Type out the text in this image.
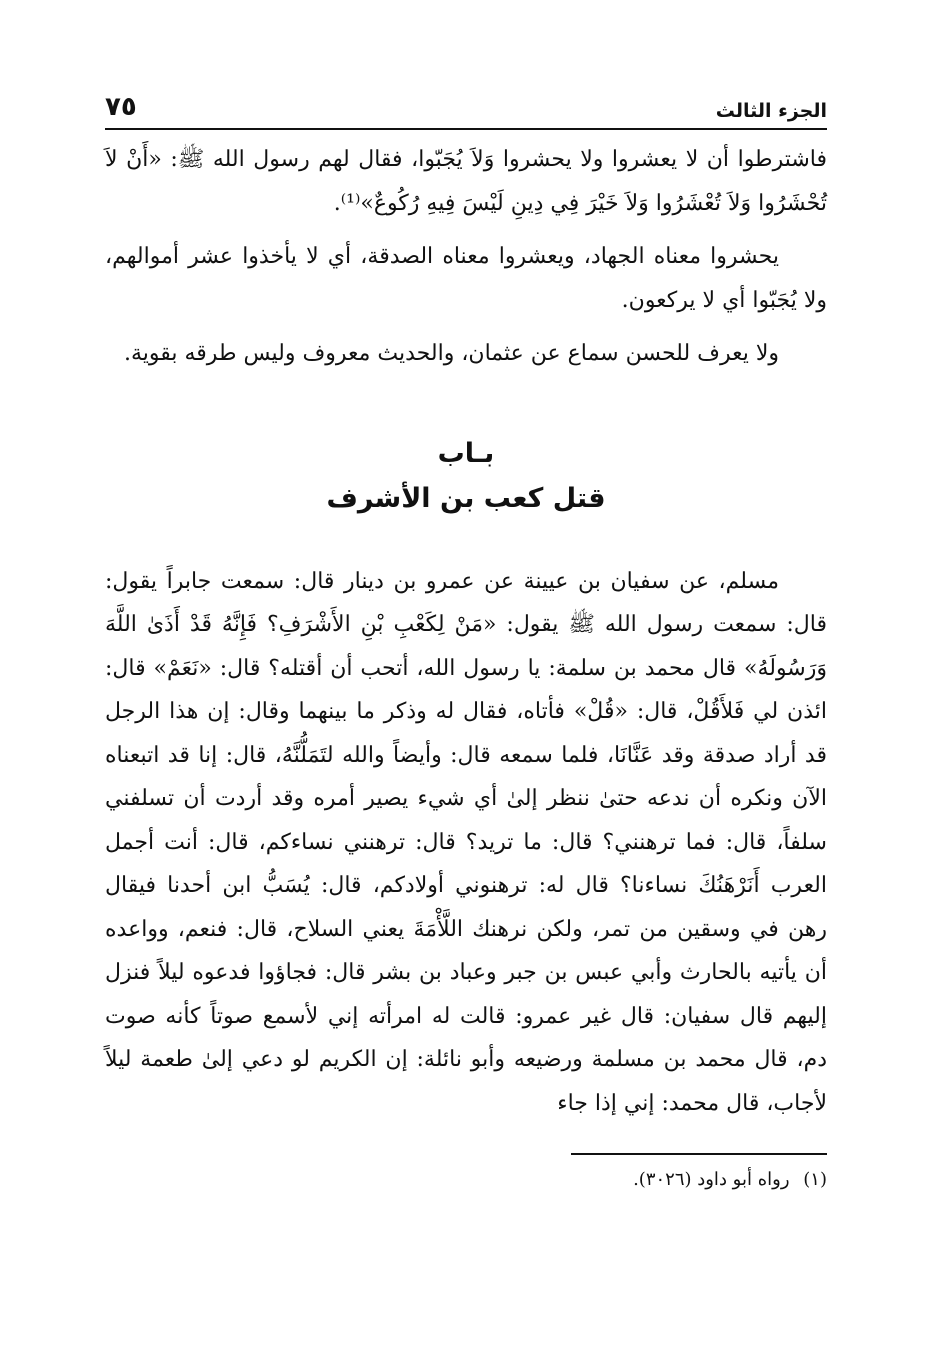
الجزء الثالث
٧٥

فاشترطوا أن لا يعشروا ولا يحشروا وَلاَ يُجَبّوا، فقال لهم رسول الله ﷺ: «أَنْ لاَ تُحْشَرُوا وَلاَ تُعْشَرُوا وَلاَ خَيْرَ فِي دِينِ لَيْسَ فِيهِ رُكُوعٌ»⁽¹⁾.

يحشروا معناه الجهاد، ويعشروا معناه الصدقة، أي لا يأخذوا عشر أموالهم، ولا يُجَبّوا أي لا يركعون.

ولا يعرف للحسن سماع عن عثمان، والحديث معروف وليس طرقه بقوية.

بـاب
قتل كعب بن الأشرف

مسلم، عن سفيان بن عيينة عن عمرو بن دينار قال: سمعت جابراً يقول: قال: سمعت رسول الله ﷺ يقول: «مَنْ لِكَعْبِ بْنِ الأَشْرَفِ؟ فَإِنَّهُ قَدْ أَذَىٰ اللَّهَ وَرَسُولَهُ» قال محمد بن سلمة: يا رسول الله، أتحب أن أقتله؟ قال: «نَعَمْ» قال: ائذن لي فَلأَقُلْ، قال: «قُلْ» فأتاه، فقال له وذكر ما بينهما وقال: إن هذا الرجل قد أراد صدقة وقد عَنَّانَا، فلما سمعه قال: وأيضاً والله لتَمَلُّنَّهُ، قال: إنا قد اتبعناه الآن ونكره أن ندعه حتىٰ ننظر إلىٰ أي شيء يصير أمره وقد أردت أن تسلفني سلفاً، قال: فما ترهنني؟ قال: ما تريد؟ قال: ترهنني نساءكم، قال: أنت أجمل العرب أَنَرْهَنُكَ نساءنا؟ قال له: ترهنوني أولادكم، قال: يُسَبُّ ابن أحدنا فيقال رهن في وسقين من تمر، ولكن نرهنك اللَّأْمَةَ يعني السلاح، قال: فنعم، وواعده أن يأتيه بالحارث وأبي عبس بن جبر وعباد بن بشر قال: فجاؤوا فدعوه ليلاً فنزل إليهم قال سفيان: قال غير عمرو: قالت له امرأته إني لأسمع صوتاً كأنه صوت دم، قال محمد بن مسلمة ورضيعه وأبو نائلة: إن الكريم لو دعي إلىٰ طعمة ليلاً لأجاب، قال محمد: إني إذا جاء

(١) رواه أبو داود (٣٠٢٦).
